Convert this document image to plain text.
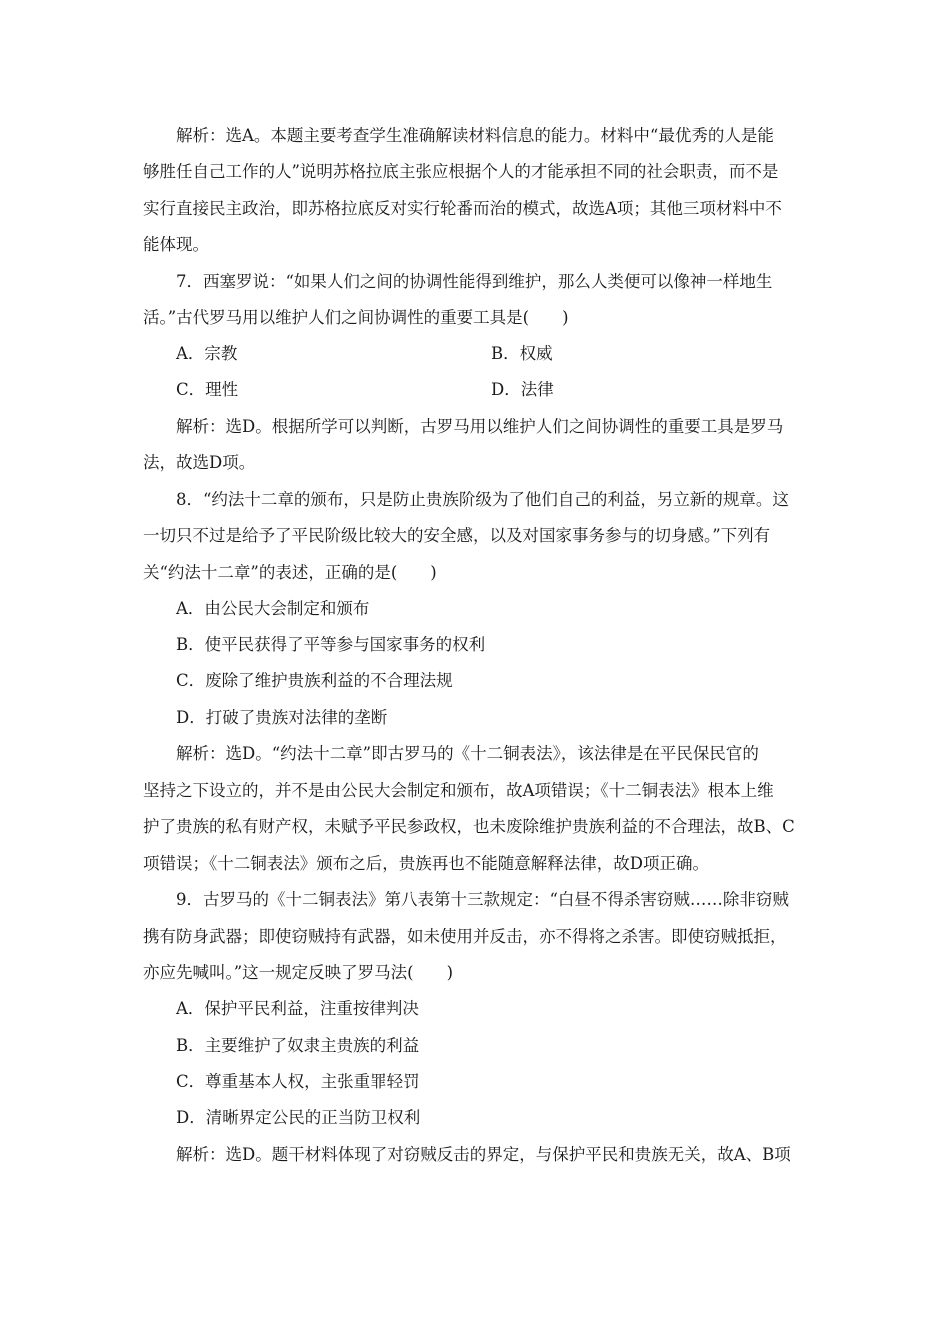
解析：选A。本题主要考查学生准确解读材料信息的能力。材料中“最优秀的人是能
够胜任自己工作的人”说明苏格拉底主张应根据个人的才能承担不同的社会职责，而不是
实行直接民主政治，即苏格拉底反对实行轮番而治的模式，故选A项；其他三项材料中不
能体现。
7．西塞罗说：“如果人们之间的协调性能得到维护，那么人类便可以像神一样地生
活。”古代罗马用以维护人们之间协调性的重要工具是(　　)
A．宗教	B．权威
C．理性	D．法律
解析：选D。根据所学可以判断，古罗马用以维护人们之间协调性的重要工具是罗马
法，故选D项。
8．“约法十二章的颁布，只是防止贵族阶级为了他们自己的利益，另立新的规章。这
一切只不过是给予了平民阶级比较大的安全感，以及对国家事务参与的切身感。”下列有
关“约法十二章”的表述，正确的是(　　)
A．由公民大会制定和颁布
B．使平民获得了平等参与国家事务的权利
C．废除了维护贵族利益的不合理法规
D．打破了贵族对法律的垄断
解析：选D。“约法十二章”即古罗马的《十二铜表法》，该法律是在平民保民官的
坚持之下设立的，并不是由公民大会制定和颁布，故A项错误；《十二铜表法》根本上维
护了贵族的私有财产权，未赋予平民参政权，也未废除维护贵族利益的不合理法，故B、C
项错误；《十二铜表法》颁布之后，贵族再也不能随意解释法律，故D项正确。
9．古罗马的《十二铜表法》第八表第十三款规定：“白昼不得杀害窃贼……除非窃贼
携有防身武器；即使窃贼持有武器，如未使用并反击，亦不得将之杀害。即使窃贼抵拒，
亦应先喊叫。”这一规定反映了罗马法(　　)
A．保护平民利益，注重按律判决
B．主要维护了奴隶主贵族的利益
C．尊重基本人权，主张重罪轻罚
D．清晰界定公民的正当防卫权利
解析：选D。题干材料体现了对窃贼反击的界定，与保护平民和贵族无关，故A、B项
